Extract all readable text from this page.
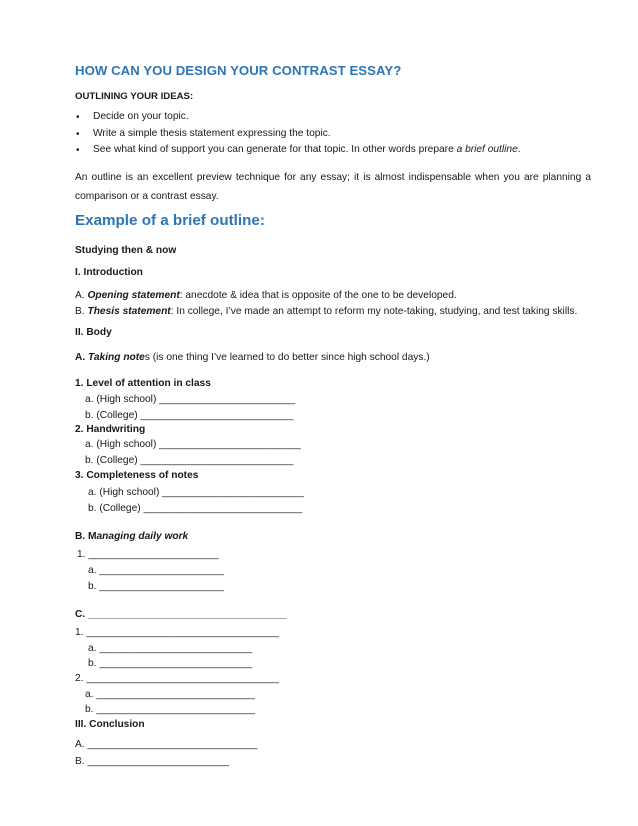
HOW CAN YOU DESIGN YOUR CONTRAST ESSAY?
OUTLINING YOUR IDEAS:
• Decide on your topic.
• Write a simple thesis statement expressing the topic.
• See what kind of support you can generate for that topic. In other words prepare a brief outline.
An outline is an excellent preview technique for any essay; it is almost indispensable when you are planning a comparison or a contrast essay.
Example of a brief outline:
Studying then & now
I. Introduction
A. Opening statement: anecdote & idea that is opposite of the one to be developed.
B. Thesis statement: In college, I’ve made an attempt to reform my note-taking, studying, and test taking skills.
II. Body
A. Taking notes (is one thing I’ve learned to do better since high school days.)
1. Level of attention in class
a. (High school) ________________________
b. (College) ___________________________
2. Handwriting
a. (High school) _________________________
b. (College) ___________________________
3. Completeness of notes
a. (High school) _________________________
b. (College) ____________________________
B. Managing daily work
1. _______________________
a. ______________________
b. ______________________
C. ___________________________________
1. __________________________________
a. ___________________________
b. ___________________________
2. __________________________________
a. ____________________________
b. ____________________________
III. Conclusion
A. ______________________________
B. _________________________
